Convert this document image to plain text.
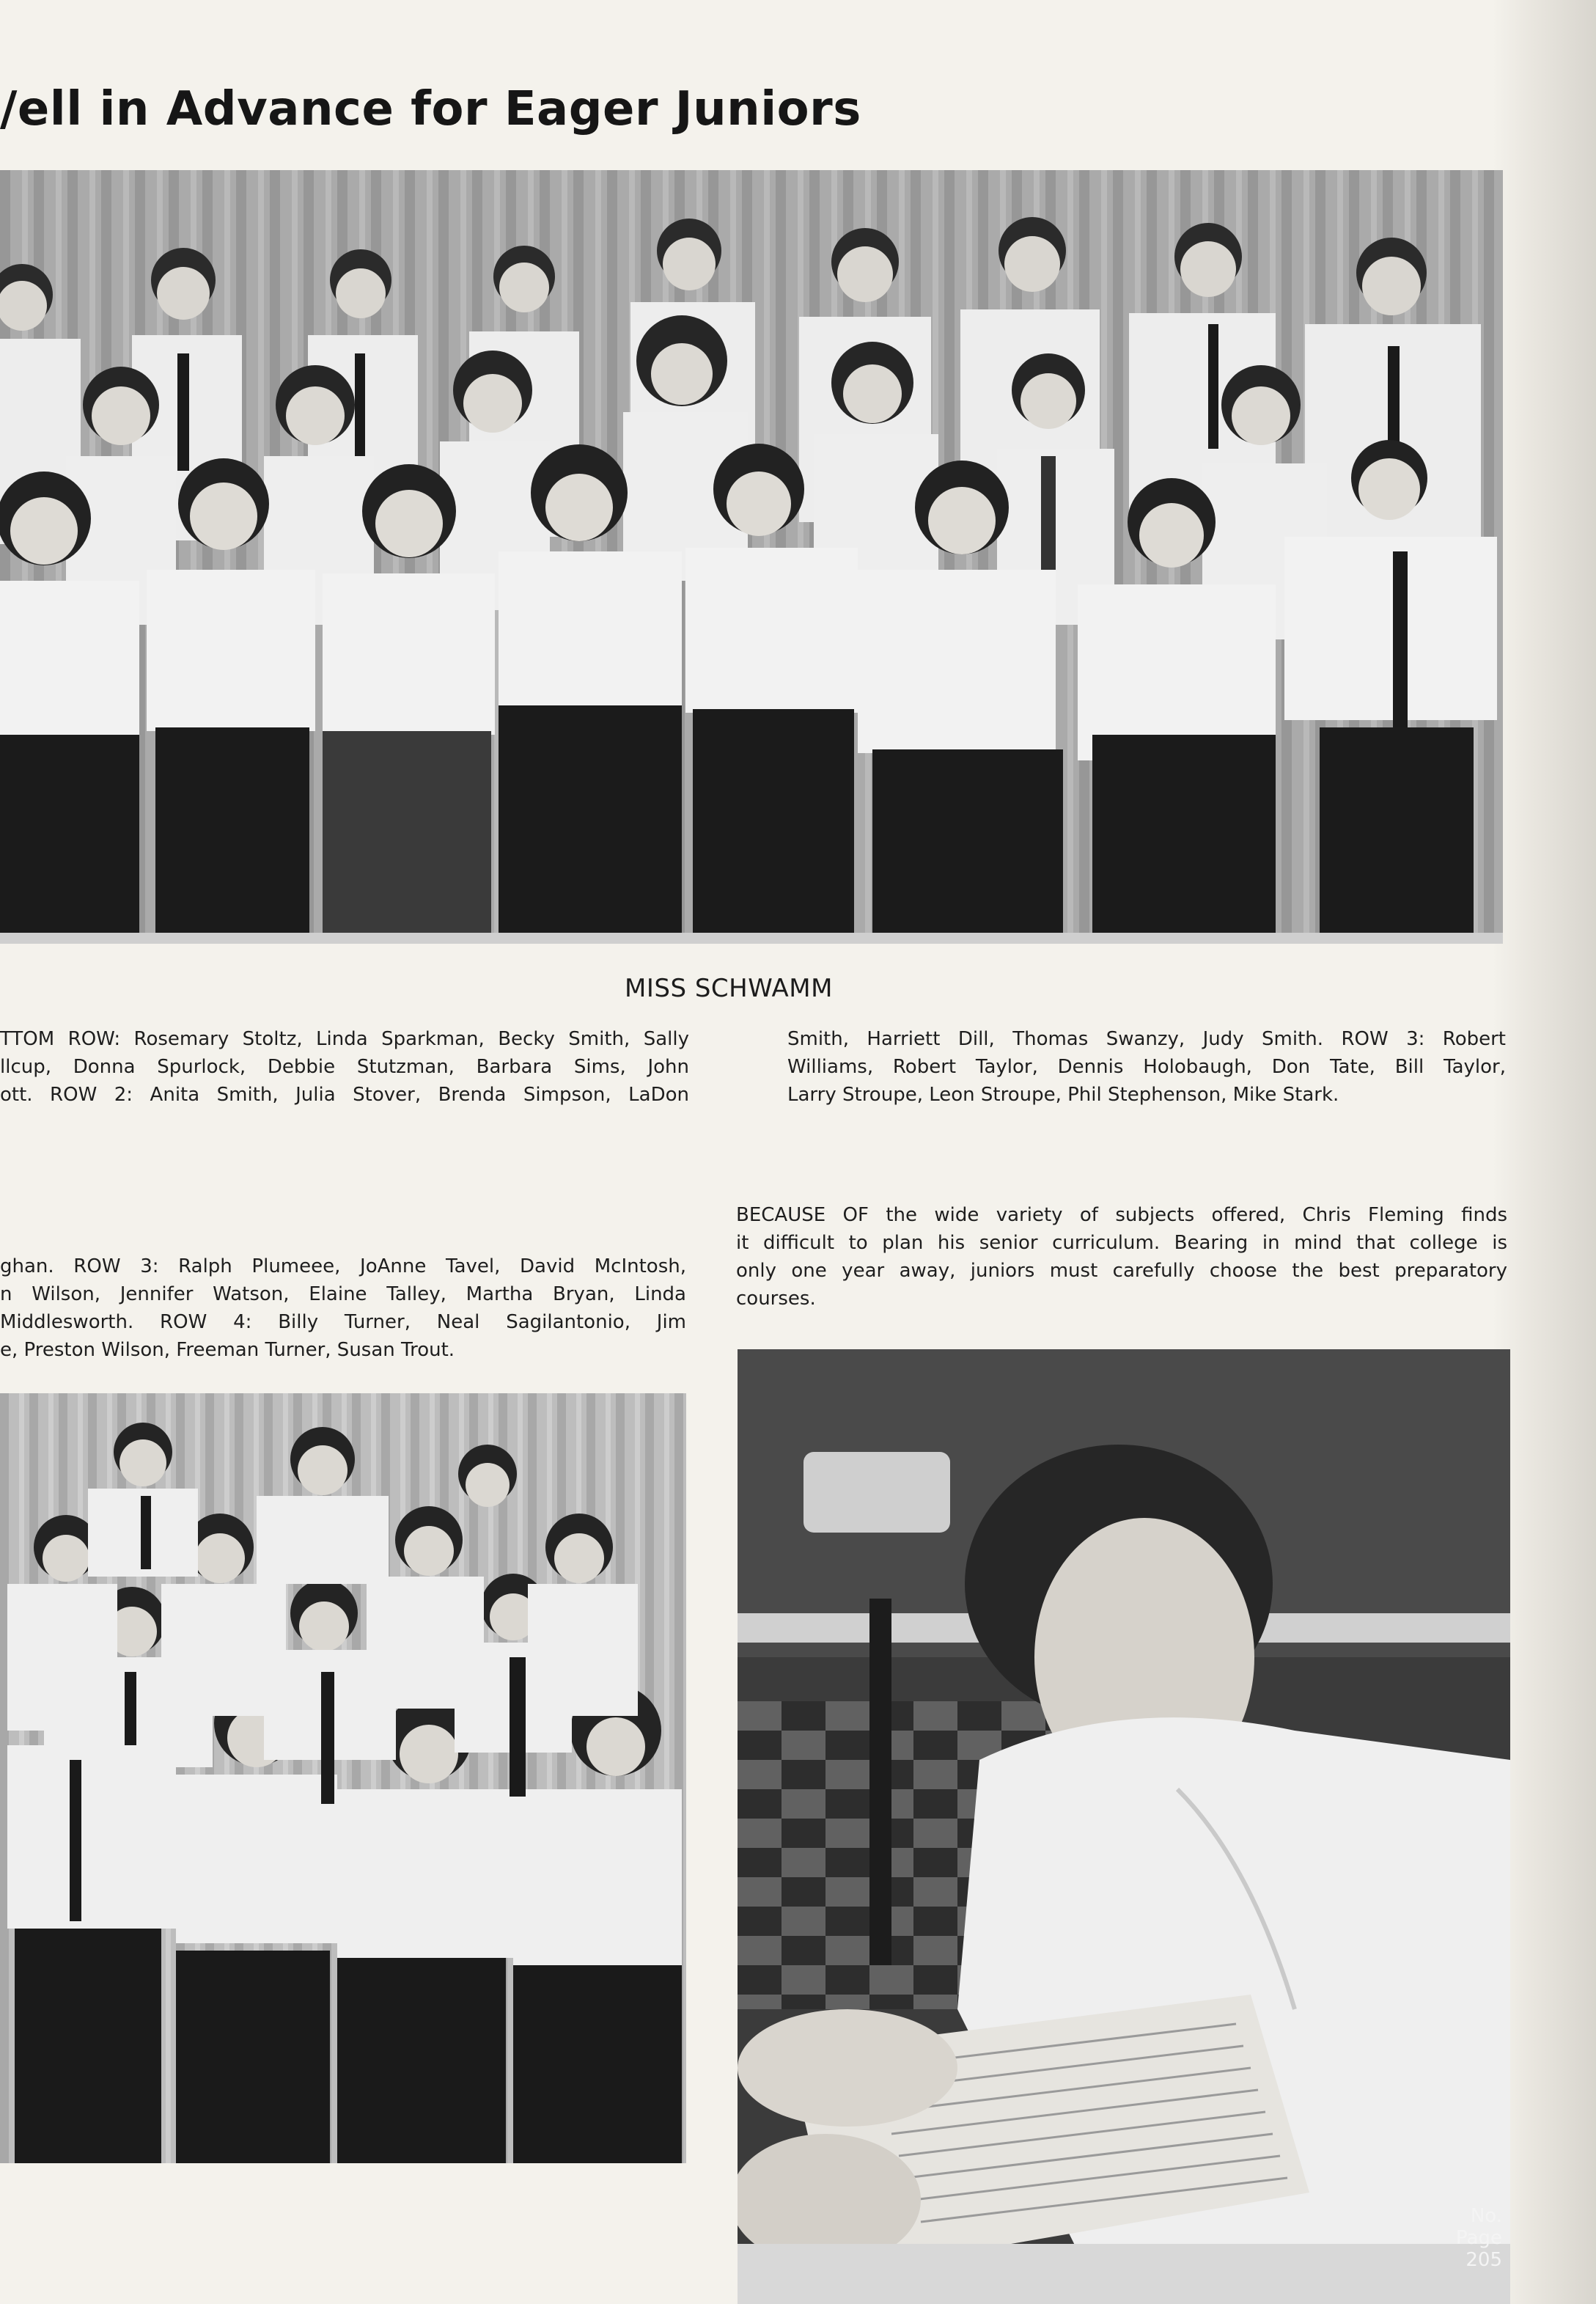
/ell in Advance for Eager Juniors
MISS SCHWAMM
TTOM ROW: Rosemary Stoltz, Linda Sparkman, Becky Smith, Sally
llcup, Donna Spurlock, Debbie Stutzman, Barbara Sims, John
ott. ROW 2: Anita Smith, Julia Stover, Brenda Simpson, LaDon
Smith, Harriett Dill, Thomas Swanzy, Judy Smith. ROW 3: Robert
Williams, Robert Taylor, Dennis Holobaugh, Don Tate, Bill Taylor,
Larry Stroupe, Leon Stroupe, Phil Stephenson, Mike Stark.
ghan. ROW 3: Ralph Plumeee, JoAnne Tavel, David McIntosh,
n Wilson, Jennifer Watson, Elaine Talley, Martha Bryan, Linda
Middlesworth. ROW 4: Billy Turner, Neal Sagilantonio, Jim
e, Preston Wilson, Freeman Turner, Susan Trout.
BECAUSE OF the wide variety of subjects offered, Chris Fleming finds
it difficult to plan his senior curriculum. Bearing in mind that college is
only one year away, juniors must carefully choose the best preparatory
courses.
No.
Page
205
